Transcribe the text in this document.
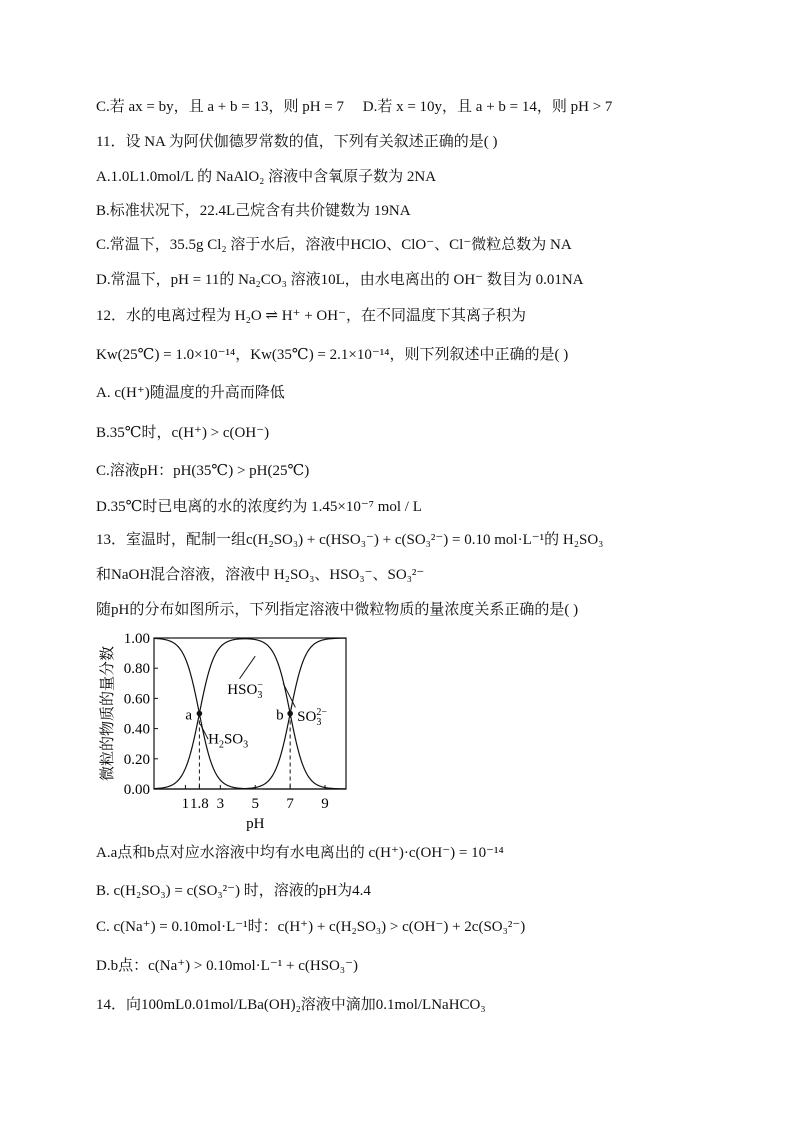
C.若 ax = by，且 a + b = 13，则 pH = 7　 D.若 x = 10y，且 a + b = 14，则 pH > 7
11．设 NA 为阿伏伽德罗常数的值，下列有关叙述正确的是( )
A.1.0L1.0mol/L 的 NaAlO₂ 溶液中含氧原子数为 2NA
B.标准状况下，22.4L己烷含有共价键数为 19NA
C.常温下，35.5g Cl₂ 溶于水后，溶液中HClO、ClO⁻、Cl⁻微粒总数为 NA
D.常温下，pH = 11的 Na₂CO₃ 溶液10L，由水电离出的 OH⁻ 数目为 0.01NA
12．水的电离过程为 H₂O ⇌ H⁺ + OH⁻，在不同温度下其离子积为
Kw(25℃) = 1.0×10⁻¹⁴，Kw(35℃) = 2.1×10⁻¹⁴，则下列叙述中正确的是( )
A. c(H⁺)随温度的升高而降低
B.35℃时，c(H⁺) > c(OH⁻)
C.溶液pH：pH(35℃) > pH(25℃)
D.35℃时已电离的水的浓度约为 1.45×10⁻⁷ mol / L
13．室温时，配制一组c(H₂SO₃) + c(HSO₃⁻) + c(SO₃²⁻) = 0.10 mol·L⁻¹的 H₂SO₃
和NaOH混合溶液，溶液中 H₂SO₃、HSO₃⁻、SO₃²⁻
随pH的分布如图所示，下列指定溶液中微粒物质的量浓度关系正确的是( )
0.00
0.20
0.40
0.60
0.80
1.00
1 1.8 3 5 7 9
微粒的物质的量分数
pH
a	b
$HSO_3-$
$SO_32-$
$H_2SO_3$
A.a点和b点对应水溶液中均有水电离出的 c(H⁺)·c(OH⁻) = 10⁻¹⁴
B. c(H₂SO₃) = c(SO₃²⁻) 时，溶液的pH为4.4
C. c(Na⁺) = 0.10mol·L⁻¹时：c(H⁺) + c(H₂SO₃) > c(OH⁻) + 2c(SO₃²⁻)
D.b点：c(Na⁺) > 0.10mol·L⁻¹ + c(HSO₃⁻)
14．向100mL0.01mol/LBa(OH)₂溶液中滴加0.1mol/LNaHCO₃
